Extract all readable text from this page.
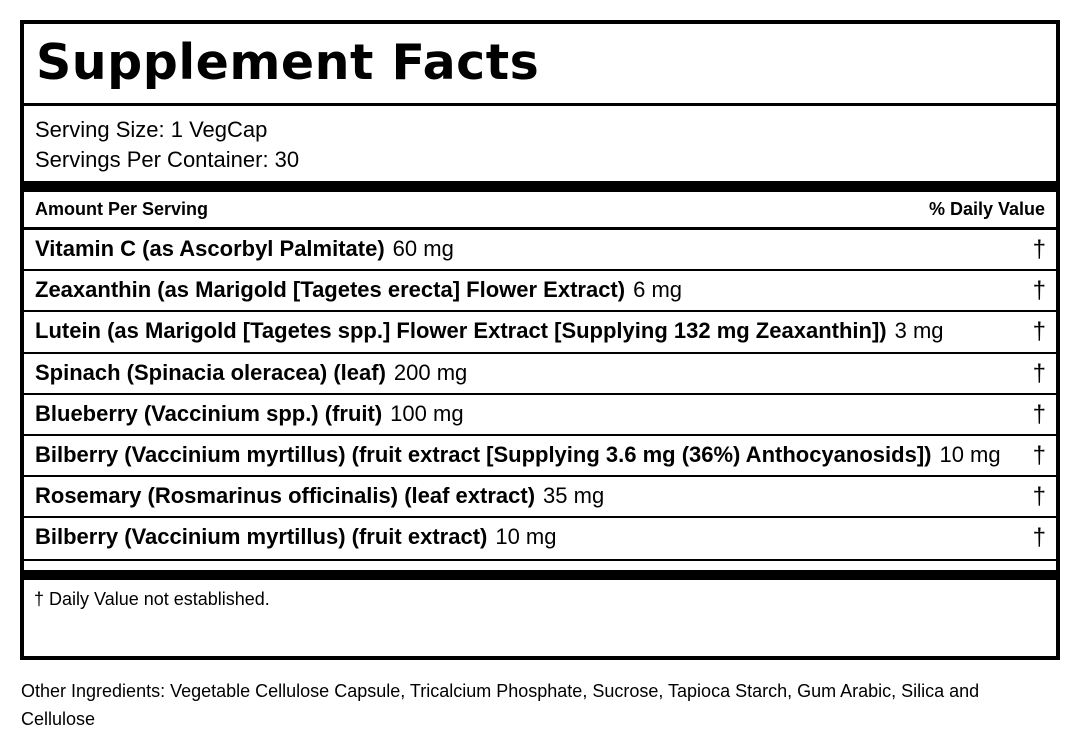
Supplement Facts
Serving Size: 1 VegCap
Servings Per Container: 30
Amount Per Serving	% Daily Value
Vitamin C (as Ascorbyl Palmitate) 60 mg	†
Zeaxanthin (as Marigold [Tagetes erecta] Flower Extract) 6 mg	†
Lutein (as Marigold [Tagetes spp.] Flower Extract [Supplying 132 mg Zeaxanthin]) 3 mg	†
Spinach (Spinacia oleracea) (leaf) 200 mg	†
Blueberry (Vaccinium spp.) (fruit) 100 mg	†
Bilberry (Vaccinium myrtillus) (fruit extract [Supplying 3.6 mg (36%) Anthocyanosids]) 10 mg †
Rosemary (Rosmarinus officinalis) (leaf extract) 35 mg	†
Bilberry (Vaccinium myrtillus) (fruit extract) 10 mg	†
† Daily Value not established.
Other Ingredients: Vegetable Cellulose Capsule, Tricalcium Phosphate, Sucrose, Tapioca Starch, Gum Arabic, Silica and Cellulose
